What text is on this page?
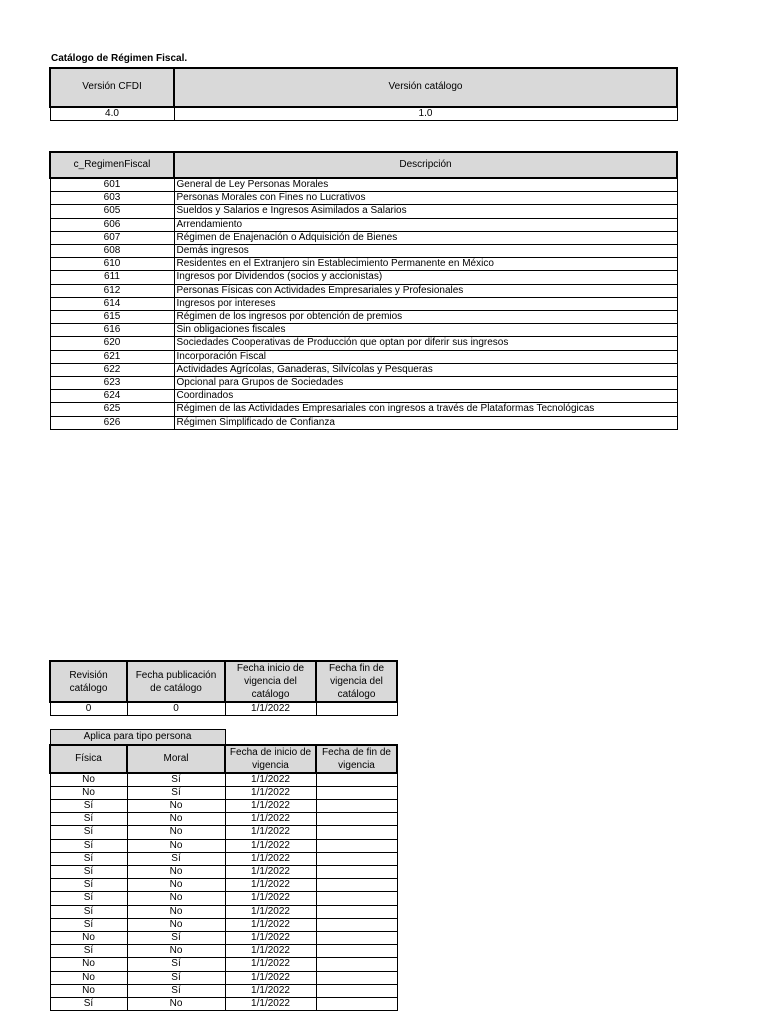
Catálogo de Régimen Fiscal.
Versión CFDI	Versión catálogo
4.0	1.0
c_RegimenFiscal	Descripción
601	General de Ley Personas Morales
603	Personas Morales con Fines no Lucrativos
605	Sueldos y Salarios e Ingresos Asimilados a Salarios
606	Arrendamiento
607	Régimen de Enajenación o Adquisición de Bienes
608	Demás ingresos
610	Residentes en el Extranjero sin Establecimiento Permanente en México
611	Ingresos por Dividendos (socios y accionistas)
612	Personas Físicas con Actividades Empresariales y Profesionales
614	Ingresos por intereses
615	Régimen de los ingresos por obtención de premios
616	Sin obligaciones fiscales
620	Sociedades Cooperativas de Producción que optan por diferir sus ingresos
621	Incorporación Fiscal
622	Actividades Agrícolas, Ganaderas, Silvícolas y Pesqueras
623	Opcional para Grupos de Sociedades
624	Coordinados
625	Régimen de las Actividades Empresariales con ingresos a través de Plataformas Tecnológicas
626	Régimen Simplificado de Confianza
Revisión catálogo	Fecha publicación de catálogo	Fecha inicio de vigencia del catálogo	Fecha fin de vigencia del catálogo
0	0	1/1/2022	
Aplica para tipo persona			
Física	Moral	Fecha de inicio de vigencia	Fecha de fin de vigencia
No	Sí	1/1/2022	
No	Sí	1/1/2022	
Sí	No	1/1/2022	
Sí	No	1/1/2022	
Sí	No	1/1/2022	
Sí	No	1/1/2022	
Sí	Sí	1/1/2022	
Sí	No	1/1/2022	
Sí	No	1/1/2022	
Sí	No	1/1/2022	
Sí	No	1/1/2022	
Sí	No	1/1/2022	
No	Sí	1/1/2022	
Sí	No	1/1/2022	
No	Sí	1/1/2022	
No	Sí	1/1/2022	
No	Sí	1/1/2022	
Sí	No	1/1/2022	
